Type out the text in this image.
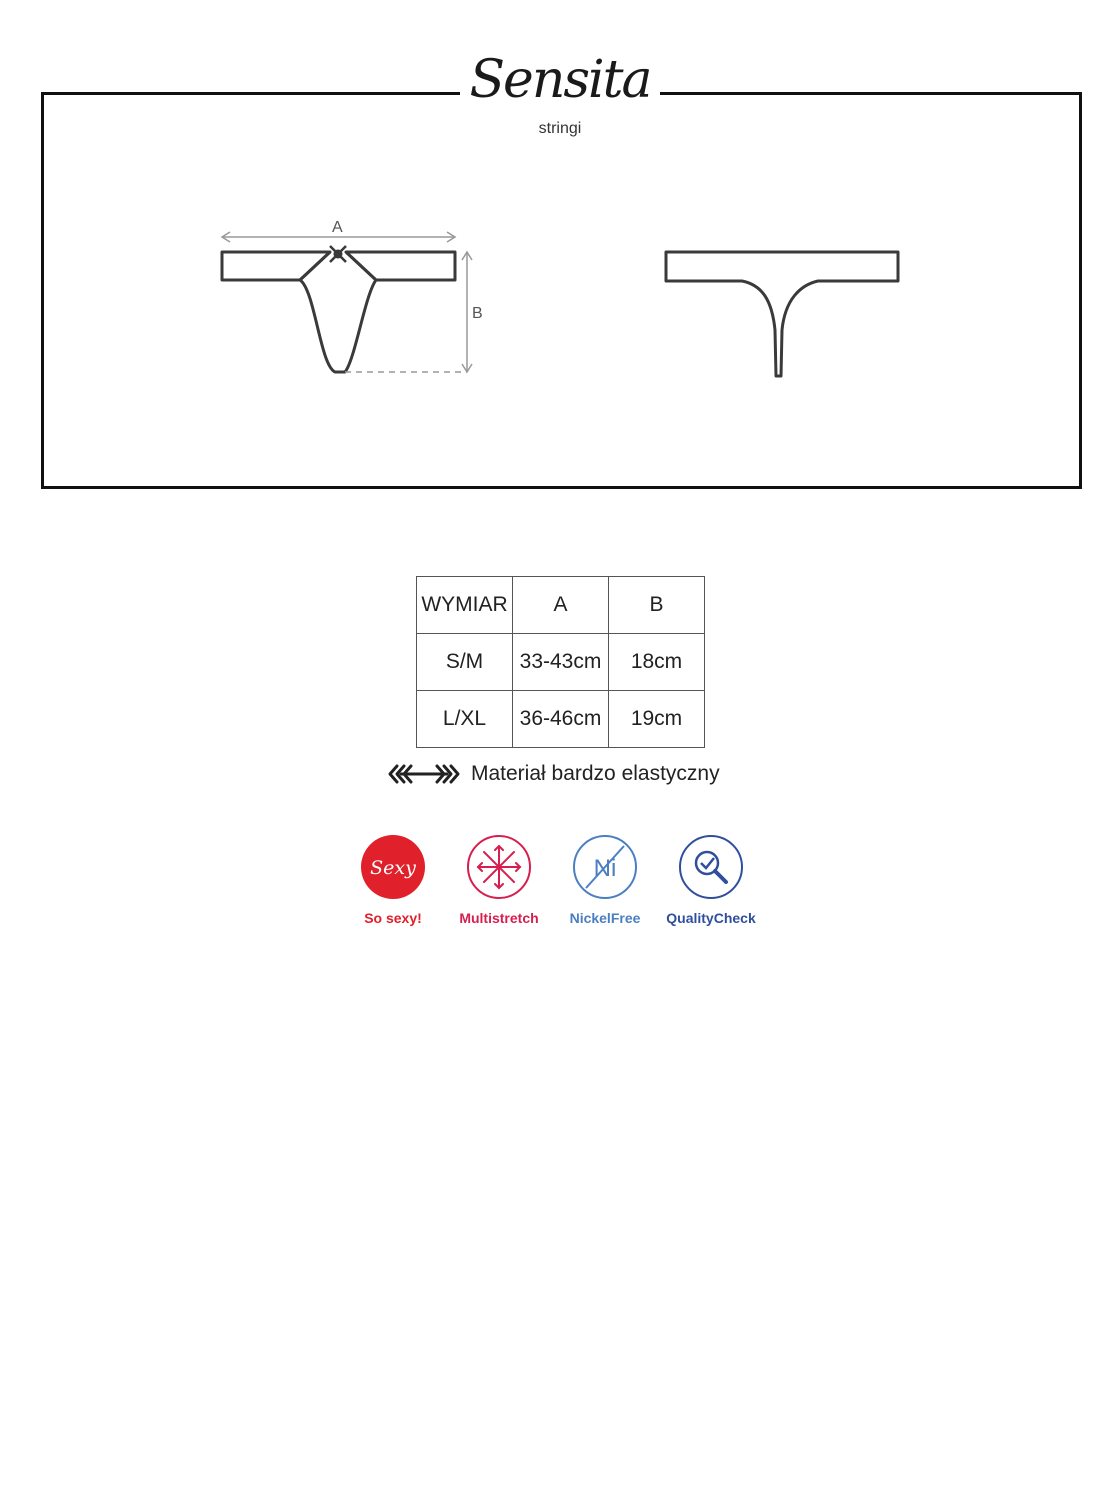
Sensita
stringi
A
B
WYMIAR	A	B
S/M	33-43cm	18cm
L/XL	36-46cm	19cm
Materiał bardzo elastyczny
Sexy
So sexy!	Multistretch
Ni
NickelFree	QualityCheck
